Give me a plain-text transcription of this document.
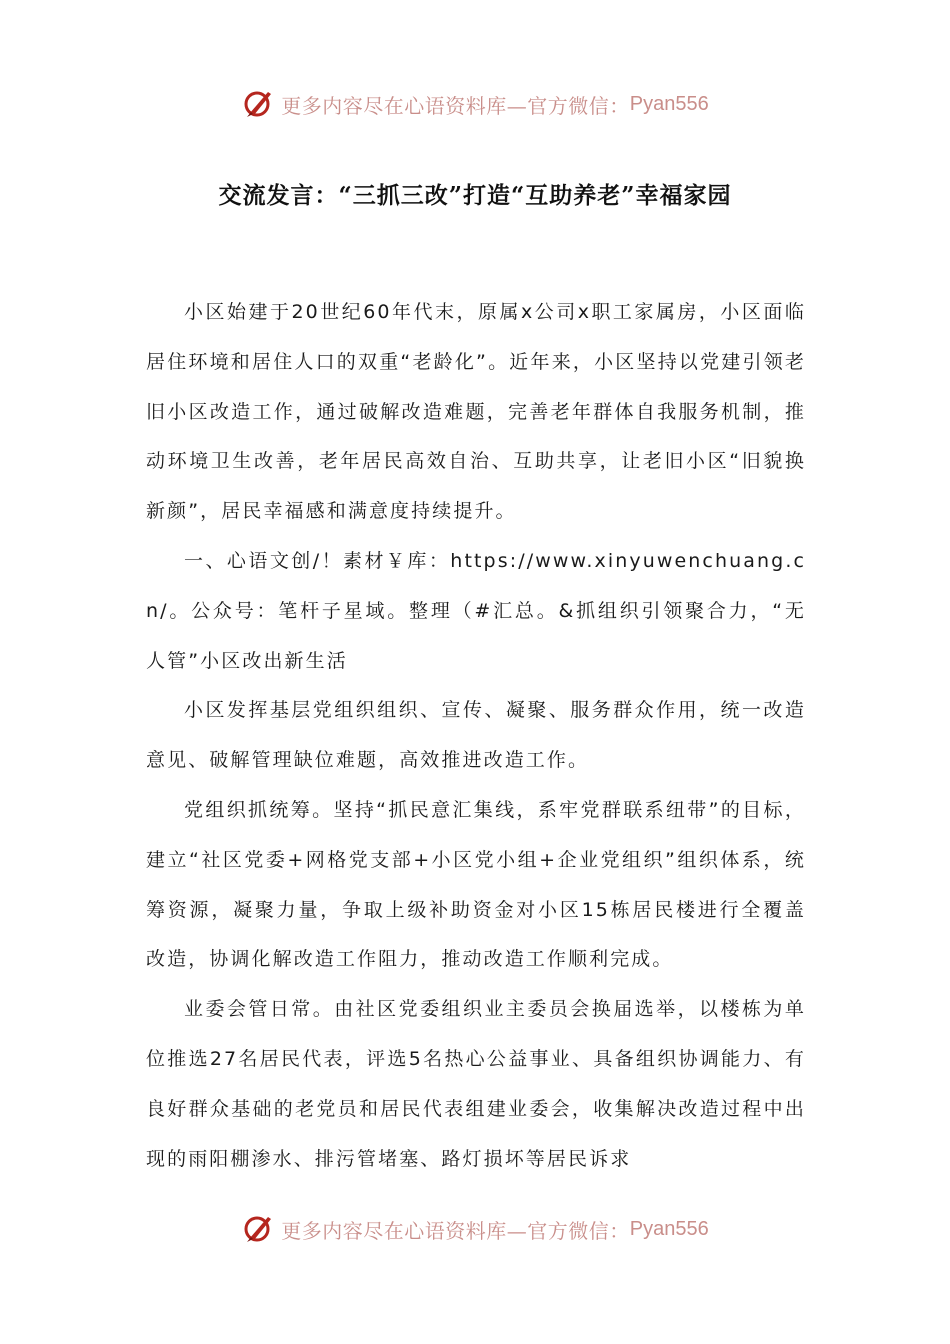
更多内容尽在心语资料库—官方微信： Pyan556
交流发言：“三抓三改”打造“互助养老”幸福家园

小区始建于20世纪60年代末，原属x公司x职工家属房，小区面临居住环境和居住人口的双重“老龄化”。近年来，小区坚持以党建引领老旧小区改造工作，通过破解改造难题，完善老年群体自我服务机制，推动环境卫生改善，老年居民高效自治、互助共享，让老旧小区“旧貌换新颜”，居民幸福感和满意度持续提升。

一、心语文创/！素材￥库：https://www.xinyuwenchuang.cn/。公众号：笔杆子星域。整理（#汇总。&抓组织引领聚合力，“无人管”小区改出新生活

小区发挥基层党组织组织、宣传、凝聚、服务群众作用，统一改造意见、破解管理缺位难题，高效推进改造工作。

党组织抓统筹。坚持“抓民意汇集线，系牢党群联系纽带”的目标，建立“社区党委+网格党支部+小区党小组+企业党组织”组织体系，统筹资源，凝聚力量，争取上级补助资金对小区15栋居民楼进行全覆盖改造，协调化解改造工作阻力，推动改造工作顺利完成。

业委会管日常。由社区党委组织业主委员会换届选举，以楼栋为单位推选27名居民代表，评选5名热心公益事业、具备组织协调能力、有良好群众基础的老党员和居民代表组建业委会，收集解决改造过程中出现的雨阳棚渗水、排污管堵塞、路灯损坏等居民诉求

更多内容尽在心语资料库—官方微信： Pyan556
